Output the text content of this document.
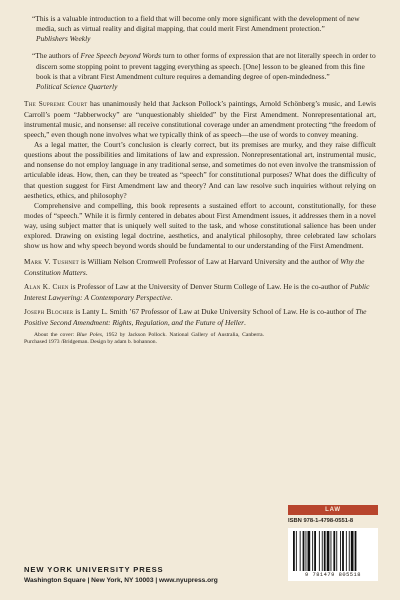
“This is a valuable introduction to a field that will become only more significant with the development of new media, such as virtual reality and digital mapping, that could merit First Amendment protection.”

Publishers Weekly

“The authors of Free Speech beyond Words turn to other forms of expression that are not literally speech in order to discern some stopping point to prevent tagging everything as speech. [One] lesson to be gleaned from this fine book is that a vibrant First Amendment culture requires a demanding degree of open-mindedness.”

Political Science Quarterly

The Supreme Court has unanimously held that Jackson Pollock’s paintings, Arnold Schönberg’s music, and Lewis Carroll’s poem “Jabberwocky” are “unquestionably shielded” by the First Amendment. Nonrepresentational art, instrumental music, and nonsense: all receive constitutional coverage under an amendment protecting “the freedom of speech,” even though none involves what we typically think of as speech—the use of words to convey meaning.

As a legal matter, the Court’s conclusion is clearly correct, but its premises are murky, and they raise difficult questions about the possibilities and limitations of law and expression. Nonrepresentational art, instrumental music, and nonsense do not employ language in any traditional sense, and sometimes do not even involve the transmission of articulable ideas. How, then, can they be treated as “speech” for constitutional purposes? What does the difficulty of that question suggest for First Amendment law and theory? And can law resolve such inquiries without relying on aesthetics, ethics, and philosophy?

Comprehensive and compelling, this book represents a sustained effort to account, constitutionally, for these modes of “speech.” While it is firmly centered in debates about First Amendment issues, it addresses them in a novel way, using subject matter that is uniquely well suited to the task, and whose constitutional salience has been under explored. Drawing on existing legal doctrine, aesthetics, and analytical philosophy, three celebrated law scholars show us how and why speech beyond words should be fundamental to our understanding of the First Amendment.

Mark V. Tushnet is William Nelson Cromwell Professor of Law at Harvard University and the author of Why the Constitution Matters.

Alan K. Chen is Professor of Law at the University of Denver Sturm College of Law. He is the co-author of Public Interest Lawyering: A Contemporary Perspective.

Joseph Blocher is Lanty L. Smith ’67 Professor of Law at Duke University School of Law. He is co-author of The Positive Second Amendment: Rights, Regulation, and the Future of Heller.

About the cover: Blue Poles, 1952 by Jackson Pollock. National Gallery of Australia, Canberra. Purchased 1973 /Bridgeman. Design by adam b. bohannon.

NEW YORK UNIVERSITY PRESS
Washington Square | New York, NY 10003 | www.nyupress.org
LAW
ISBN 978-1-4798-0551-8
9 781479 805518
